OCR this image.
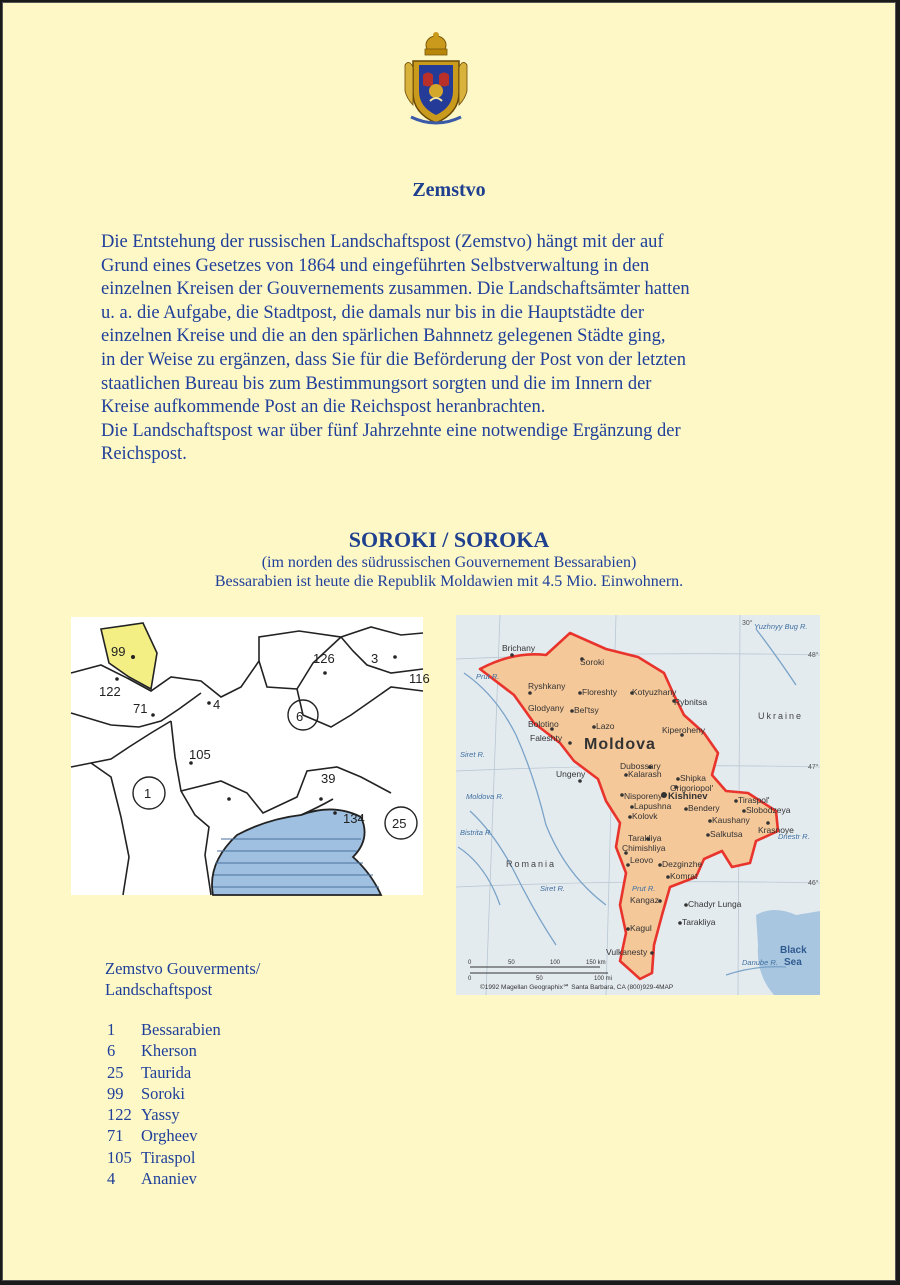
Zemstvo

Die Entstehung der russischen Landschaftspost (Zemstvo) hängt mit der auf

Grund eines Gesetzes von 1864 und eingeführten Selbstverwaltung in den

einzelnen Kreisen der Gouvernements zusammen. Die Landschaftsämter hatten

u. a. die Aufgabe, die Stadtpost, die damals nur bis in die Hauptstädte der

einzelnen Kreise und die an den spärlichen Bahnnetz gelegenen Städte ging,

in der Weise zu ergänzen, dass Sie für die Beförderung der Post von der letzten

staatlichen Bureau bis zum Bestimmungsort sorgten und die im Innern der

Kreise aufkommende Post an die Reichspost heranbrachten.

Die Landschaftspost war über fünf Jahrzehnte eine notwendige Ergänzung der

Reichspost.

SOROKI / SOROKA
(im norden des südrussischen Gouvernement Bessarabien)
Bessarabien ist heute die Republik Moldawien mit 4.5 Mio. Einwohnern.
99
122
71	4
105
126	3
116
39
134
6
1
25
Brichany
Soroki
Ryshkany
Floreshty Kotyuzhany
Rybnitsa
Glodyany Bel'tsy
Bolotino	Lazo
Faleshty
Kiperoheny
Dubossary
Kalarash Shipka
Ungeny
Grigoriopol'
Nisporeny Kishinev	Tiraspol'
Lapushna Bendery	Slobodzeya
Kolovk	Kaushany
Krasnoye
Salkutsa
Tarakliya
Chimishliya
Leovo Dezginzhe
Komrat
Kangaz	Chadyr Lunga
Tarakliya
Kagul
Vulkanesty
Moldova
Ukraine
Romania
Black
Sea
Prut R.
Siret R.
Moldova R.
Bistrita R.	Dnestr R.
Yuzhnyy Bug R.
Danube R.
Prut R.
Siret R.
48°
47°
46°
30°
0	50	100	150 km
0	50	100 mi
©1992 Magellan Geographix℠ Santa Barbara, CA (800)929-4MAP
Zemstvo Gouverments/
Landschaftspost
1 Bessarabien
6 Kherson
25 Taurida
99 Soroki
122 Yassy
71 Orgheev
105 Tiraspol
4 Ananiev
